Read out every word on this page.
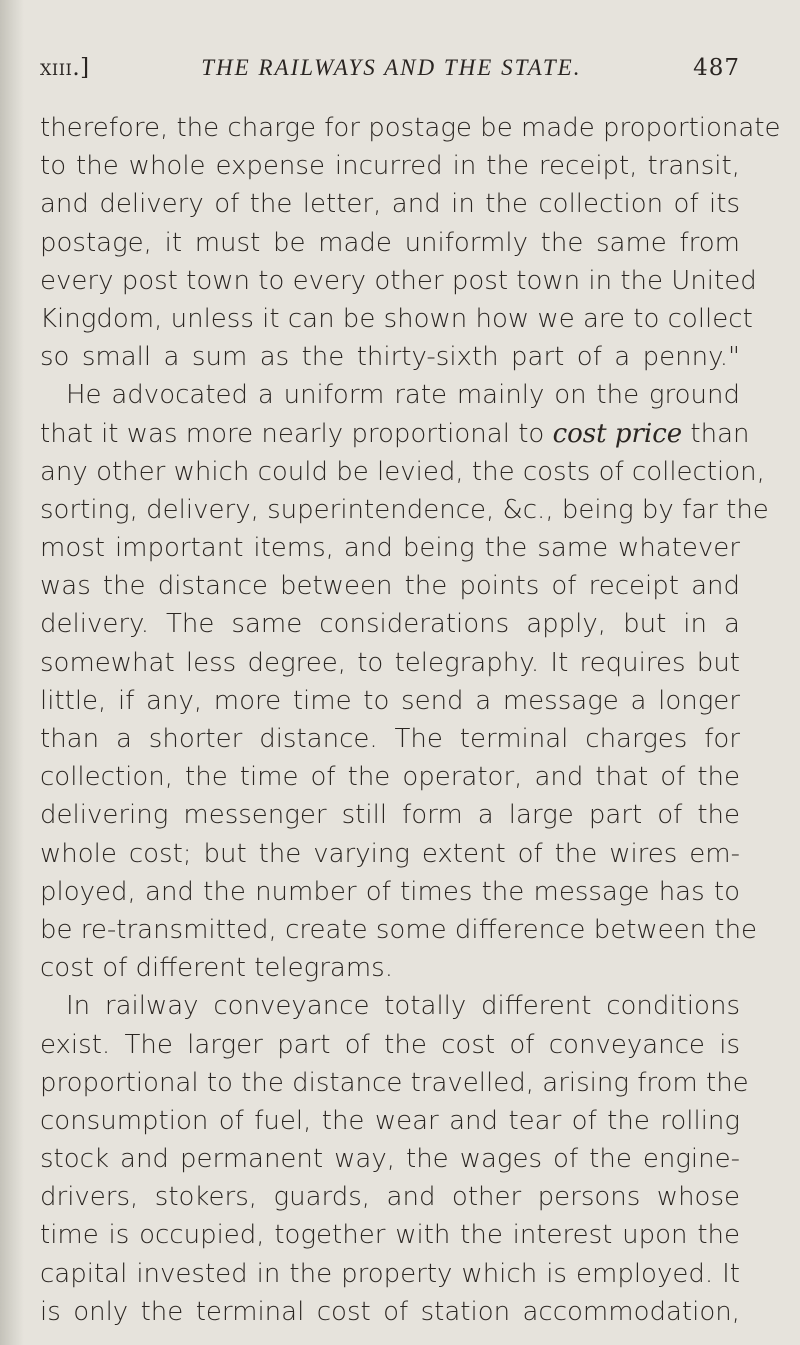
xiii.]	THE RAILWAYS AND THE STATE.	487
therefore, the charge for postage be made proportionate
to the whole expense incurred in the receipt, transit,
and delivery of the letter, and in the collection of its
postage, it must be made uniformly the same from
every post town to every other post town in the United
Kingdom, unless it can be shown how we are to collect
so small a sum as the thirty-sixth part of a penny."
He advocated a uniform rate mainly on the ground
that it was more nearly proportional to cost price than
any other which could be levied, the costs of collection,
sorting, delivery, superintendence, &c., being by far the
most important items, and being the same whatever
was the distance between the points of receipt and
delivery. The same considerations apply, but in a
somewhat less degree, to telegraphy. It requires but
little, if any, more time to send a message a longer
than a shorter distance. The terminal charges for
collection, the time of the operator, and that of the
delivering messenger still form a large part of the
whole cost; but the varying extent of the wires em-
ployed, and the number of times the message has to
be re-transmitted, create some difference between the
cost of different telegrams.
In railway conveyance totally different conditions
exist. The larger part of the cost of conveyance is
proportional to the distance travelled, arising from the
consumption of fuel, the wear and tear of the rolling
stock and permanent way, the wages of the engine-
drivers, stokers, guards, and other persons whose
time is occupied, together with the interest upon the
capital invested in the property which is employed. It
is only the terminal cost of station accommodation,
